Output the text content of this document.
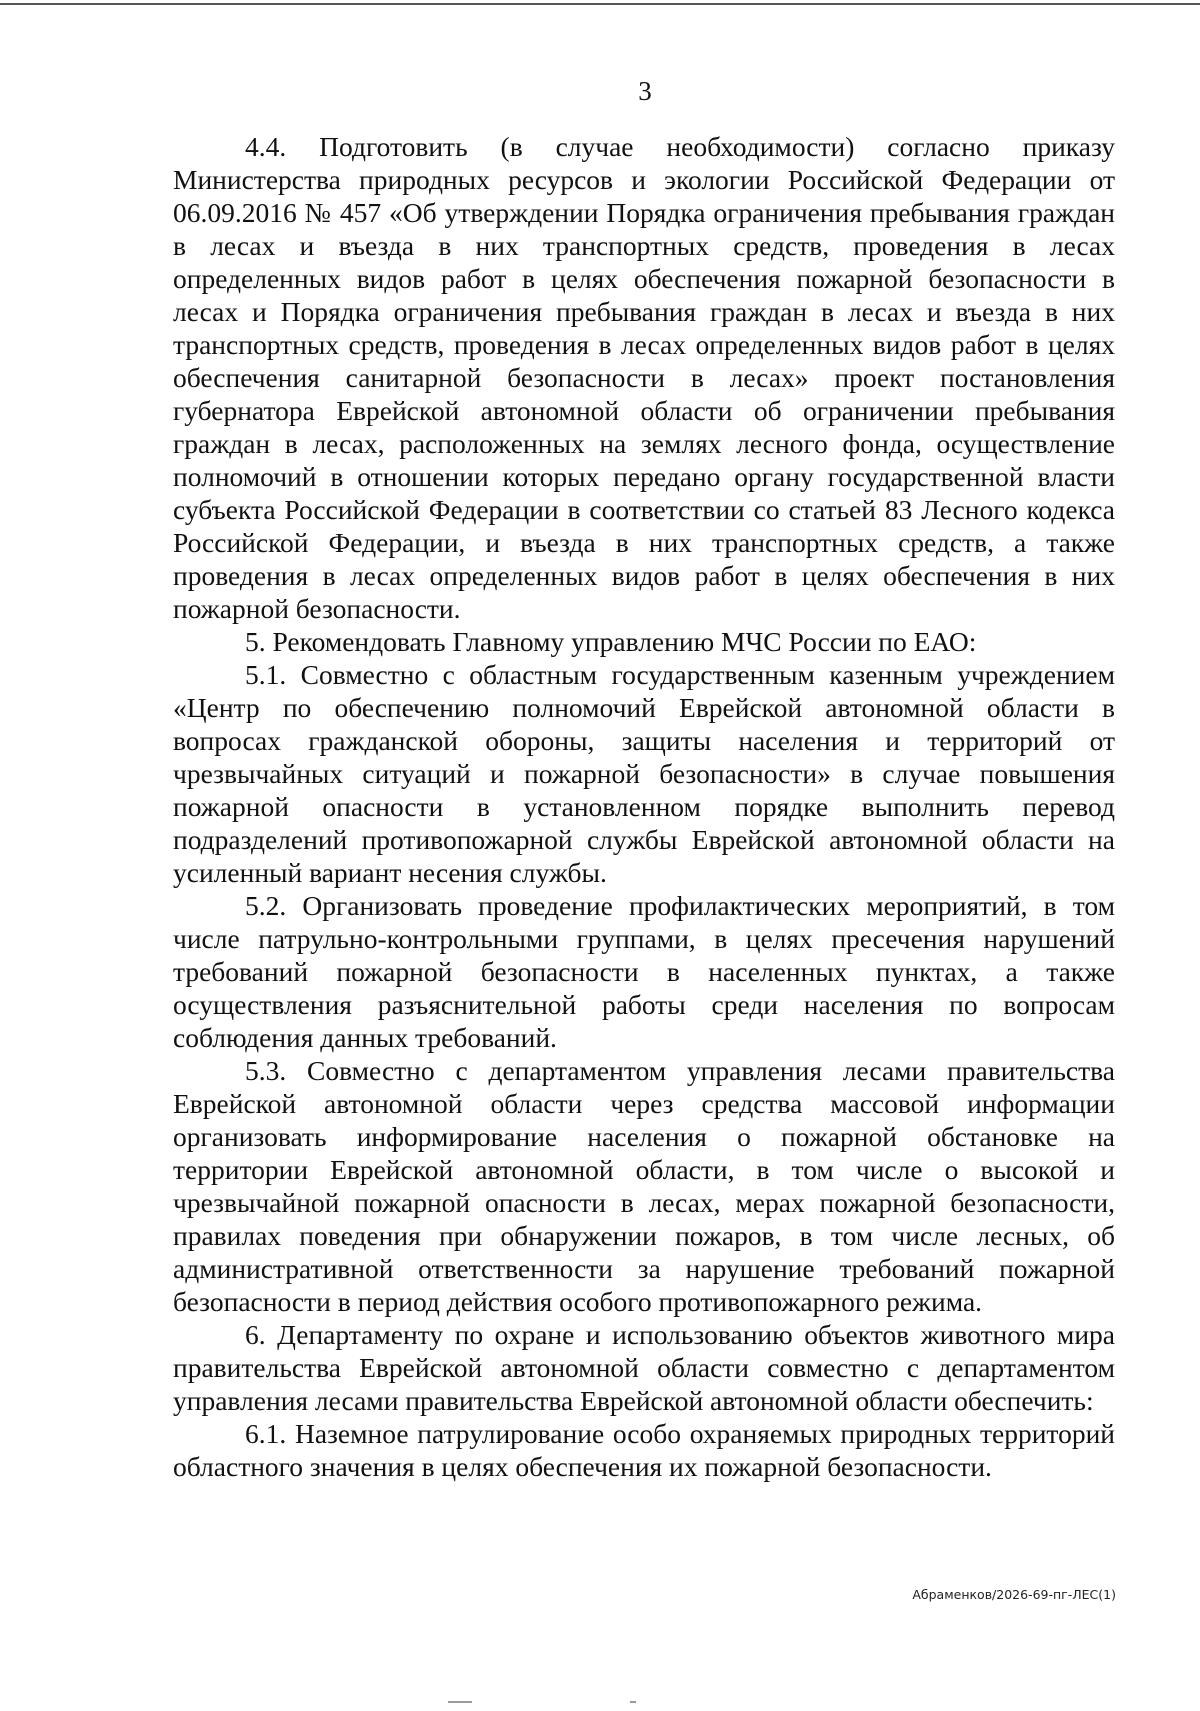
3

4.4. Подготовить (в случае необходимости) согласно приказу Министерства природных ресурсов и экологии Российской Федерации от 06.09.2016 № 457 «Об утверждении Порядка ограничения пребывания граждан в лесах и въезда в них транспортных средств, проведения в лесах определенных видов работ в целях обеспечения пожарной безопасности в лесах и Порядка ограничения пребывания граждан в лесах и въезда в них транспортных средств, проведения в лесах определенных видов работ в целях обеспечения санитарной безопасности в лесах» проект постановления губернатора Еврейской автономной области об ограничении пребывания граждан в лесах, расположенных на землях лесного фонда, осуществление полномочий в отношении которых передано органу государственной власти субъекта Российской Федерации в соответствии со статьей 83 Лесного кодекса Российской Федерации, и въезда в них транспортных средств, а также проведения в лесах определенных видов работ в целях обеспечения в них пожарной безопасности.

5. Рекомендовать Главному управлению МЧС России по ЕАО:

5.1. Совместно с областным государственным казенным учреждением «Центр по обеспечению полномочий Еврейской автономной области в вопросах гражданской обороны, защиты населения и территорий от чрезвычайных ситуаций и пожарной безопасности» в случае повышения пожарной опасности в установленном порядке выполнить перевод подразделений противопожарной службы Еврейской автономной области на усиленный вариант несения службы.

5.2. Организовать проведение профилактических мероприятий, в том числе патрульно-контрольными группами, в целях пресечения нарушений требований пожарной безопасности в населенных пунктах, а также осуществления разъяснительной работы среди населения по вопросам соблюдения данных требований.

5.3. Совместно с департаментом управления лесами правительства Еврейской автономной области через средства массовой информации организовать информирование населения о пожарной обстановке на территории Еврейской автономной области, в том числе о высокой и чрезвычайной пожарной опасности в лесах, мерах пожарной безопасности, правилах поведения при обнаружении пожаров, в том числе лесных, об административной ответственности за нарушение требований пожарной безопасности в период действия особого противопожарного режима.

6. Департаменту по охране и использованию объектов животного мира правительства Еврейской автономной области совместно с департаментом управления лесами правительства Еврейской автономной области обеспечить:

6.1. Наземное патрулирование особо охраняемых природных территорий областного значения в целях обеспечения их пожарной безопасности.

Абраменков/2026-69-пг-ЛЕС(1)
